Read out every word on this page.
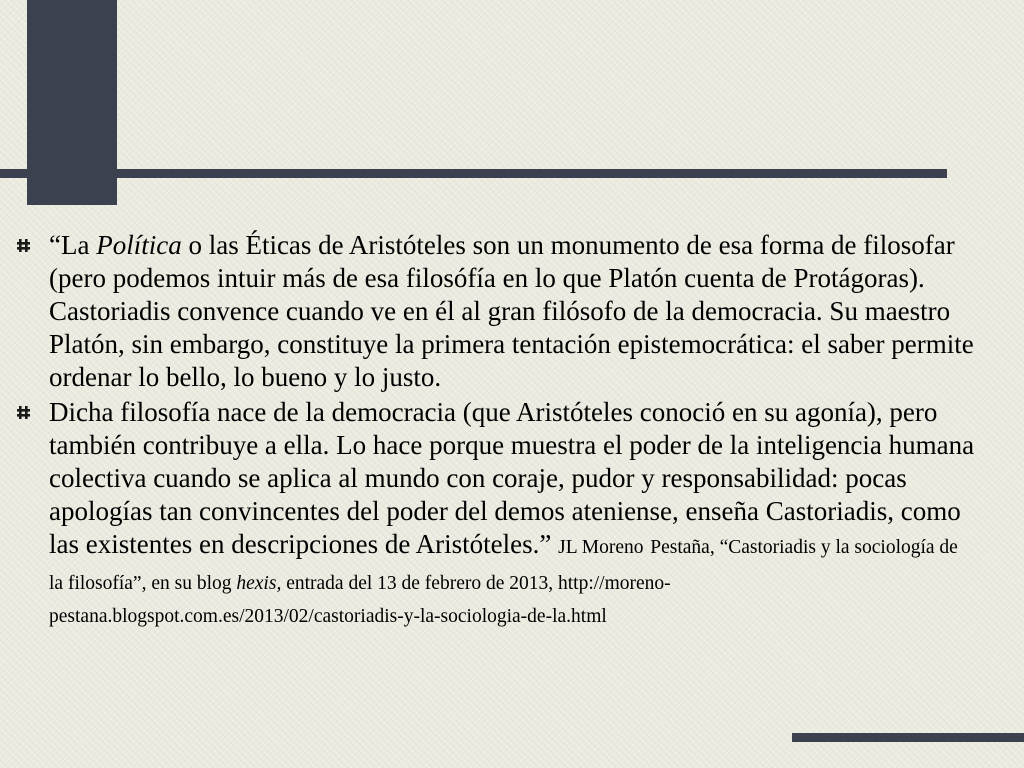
“La Política o las Éticas de Aristóteles son un monumento de esa forma de filosofar (pero podemos intuir más de esa filosófía en lo que Platón cuenta de Protágoras). Castoriadis convence cuando ve en él al gran filósofo de la democracia. Su maestro Platón, sin embargo, constituye la primera tentación epistemocrática: el saber permite ordenar lo bello, lo bueno y lo justo.
Dicha filosofía nace de la democracia (que Aristóteles conoció en su agonía), pero también contribuye a ella. Lo hace porque muestra el poder de la inteligencia humana colectiva cuando se aplica al mundo con coraje, pudor y responsabilidad: pocas apologías tan convincentes del poder del demos ateniense, enseña Castoriadis, como las existentes en descripciones de Aristóteles.” JL Moreno Pestaña, “Castoriadis y la sociología de la filosofía”, en su blog hexis, entrada del 13 de febrero de 2013, http://moreno-pestana.blogspot.com.es/2013/02/castoriadis-y-la-sociologia-de-la.html
